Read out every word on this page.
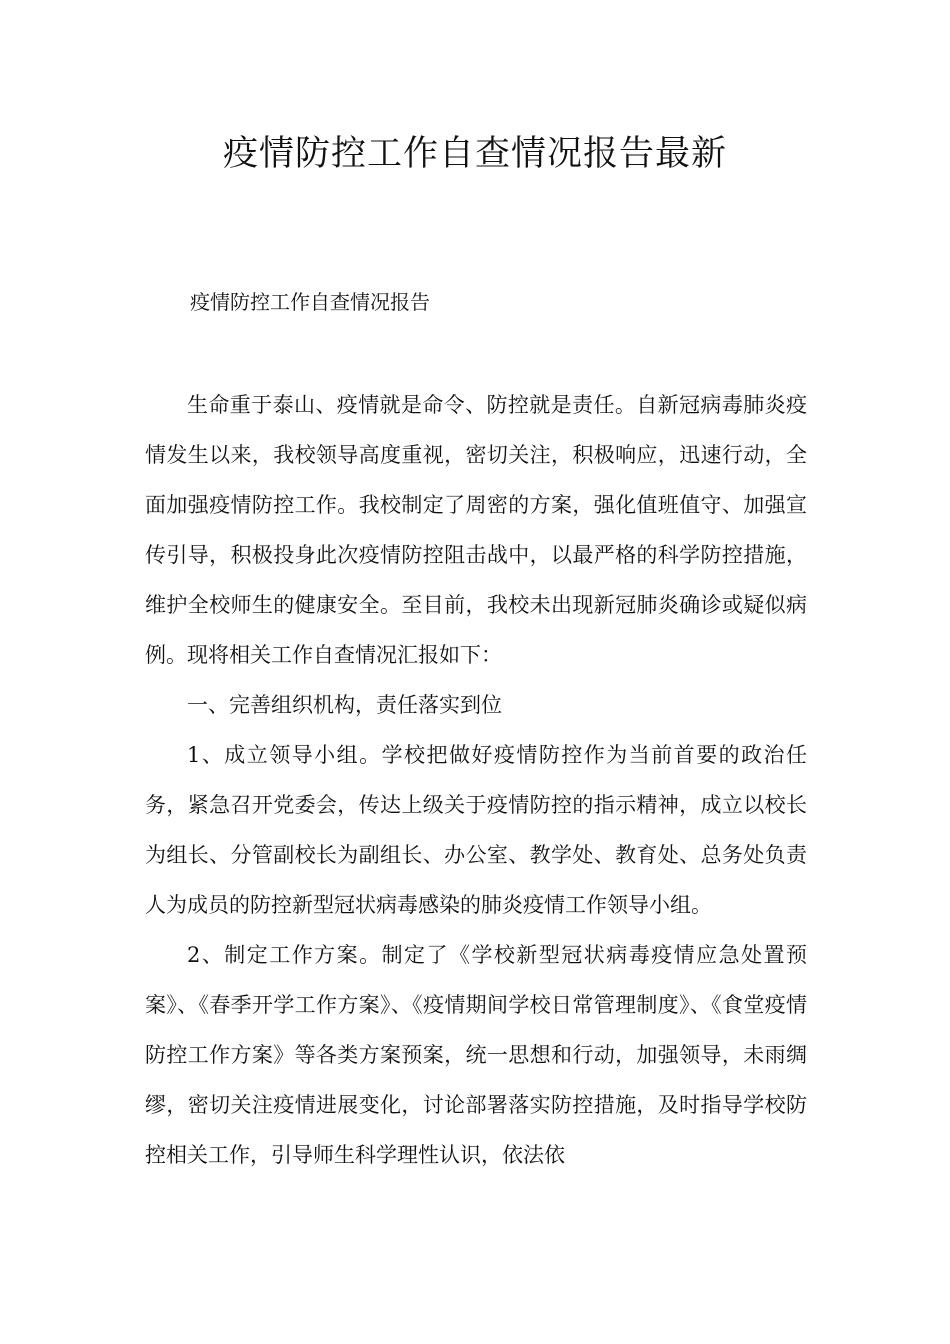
疫情防控工作自查情况报告最新
疫情防控工作自查情况报告

生命重于泰山、疫情就是命令、防控就是责任。自新冠病毒肺炎疫情发生以来，我校领导高度重视，密切关注，积极响应，迅速行动，全面加强疫情防控工作。我校制定了周密的方案，强化值班值守、加强宣传引导，积极投身此次疫情防控阻击战中，以最严格的科学防控措施，维护全校师生的健康安全。至目前，我校未出现新冠肺炎确诊或疑似病例。现将相关工作自查情况汇报如下：

一、完善组织机构，责任落实到位

1、成立领导小组。学校把做好疫情防控作为当前首要的政治任务，紧急召开党委会，传达上级关于疫情防控的指示精神，成立以校长为组长、分管副校长为副组长、办公室、教学处、教育处、总务处负责人为成员的防控新型冠状病毒感染的肺炎疫情工作领导小组。

2、制定工作方案。制定了《学校新型冠状病毒疫情应急处置预案》、《春季开学工作方案》、《疫情期间学校日常管理制度》、《食堂疫情防控工作方案》等各类方案预案，统一思想和行动，加强领导，未雨绸缪，密切关注疫情进展变化，讨论部署落实防控措施，及时指导学校防控相关工作，引导师生科学理性认识，依法依
